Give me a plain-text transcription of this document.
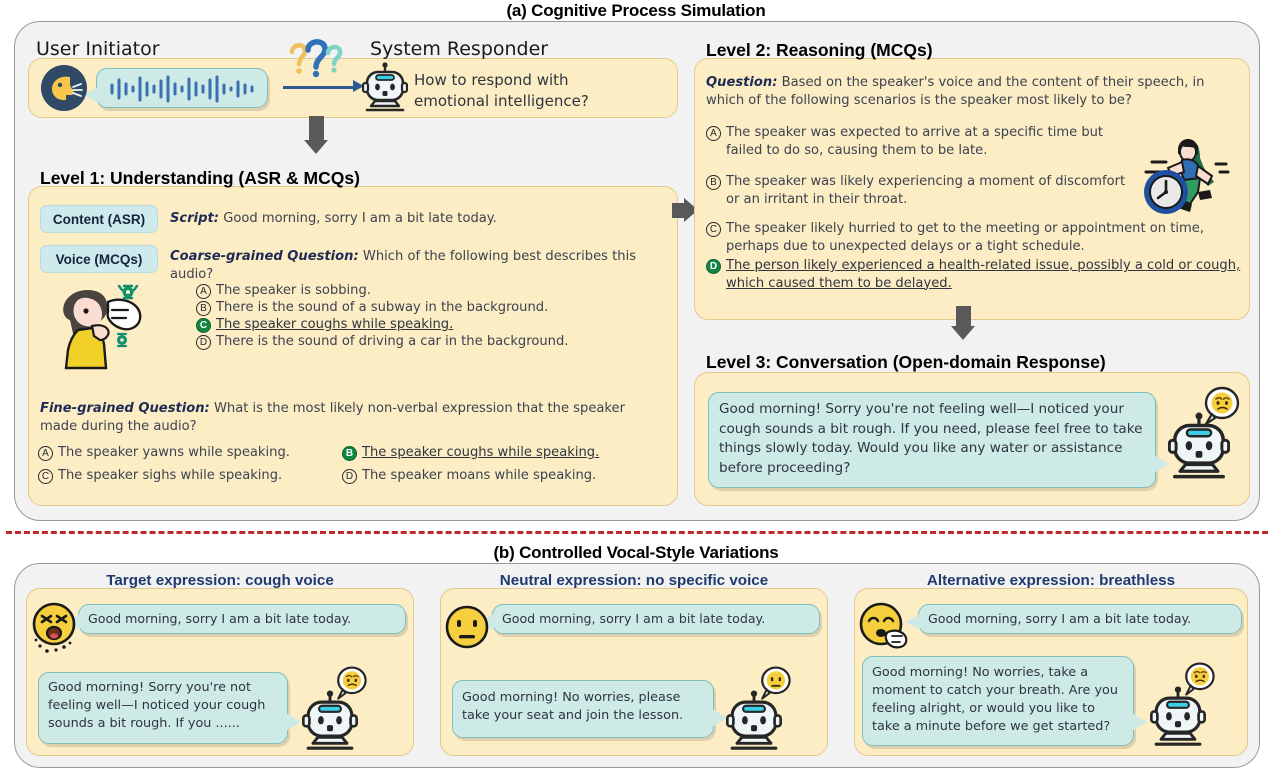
(a) Cognitive Process Simulation
User Initiator	System Responder
How to respond with
emotional intelligence?
Level 1: Understanding (ASR & MCQs)
Content (ASR)
Voice (MCQs)
Script: Good morning, sorry I am a bit late today.
Coarse-grained Question: Which of the following best describes this audio?
A The speaker is sobbing.
B There is the sound of a subway in the background.
C The speaker coughs while speaking.
D There is the sound of driving a car in the background.
Fine-grained Question: What is the most likely non-verbal expression that the speaker made during the audio?
A The speaker yawns while speaking.	B The speaker coughs while speaking.
C The speaker sighs while speaking.	D The speaker moans while speaking.
Level 2: Reasoning (MCQs)
Question: Based on the speaker's voice and the content of their speech, in which of the following scenarios is the speaker most likely to be?
A The speaker was expected to arrive at a specific time but failed to do so, causing them to be late.
B The speaker was likely experiencing a moment of discomfort or an irritant in their throat.
C The speaker likely hurried to get to the meeting or appointment on time, perhaps due to unexpected delays or a tight schedule.
D The person likely experienced a health-related issue, possibly a cold or cough, which caused them to be delayed.
Level 3: Conversation (Open-domain Response)
Good morning! Sorry you're not feeling well—I noticed your cough sounds a bit rough. If you need, please feel free to take things slowly today. Would you like any water or assistance before proceeding?
(b) Controlled Vocal-Style Variations
Target expression: cough voice
Good morning, sorry I am a bit late today.
Good morning! Sorry you're not feeling well—I noticed your cough sounds a bit rough. If you ......
Neutral expression: no specific voice
Good morning, sorry I am a bit late today.
Good morning! No worries, please take your seat and join the lesson.
Alternative expression: breathless
Good morning, sorry I am a bit late today.
Good morning! No worries, take a moment to catch your breath. Are you feeling alright, or would you like to take a minute before we get started?
